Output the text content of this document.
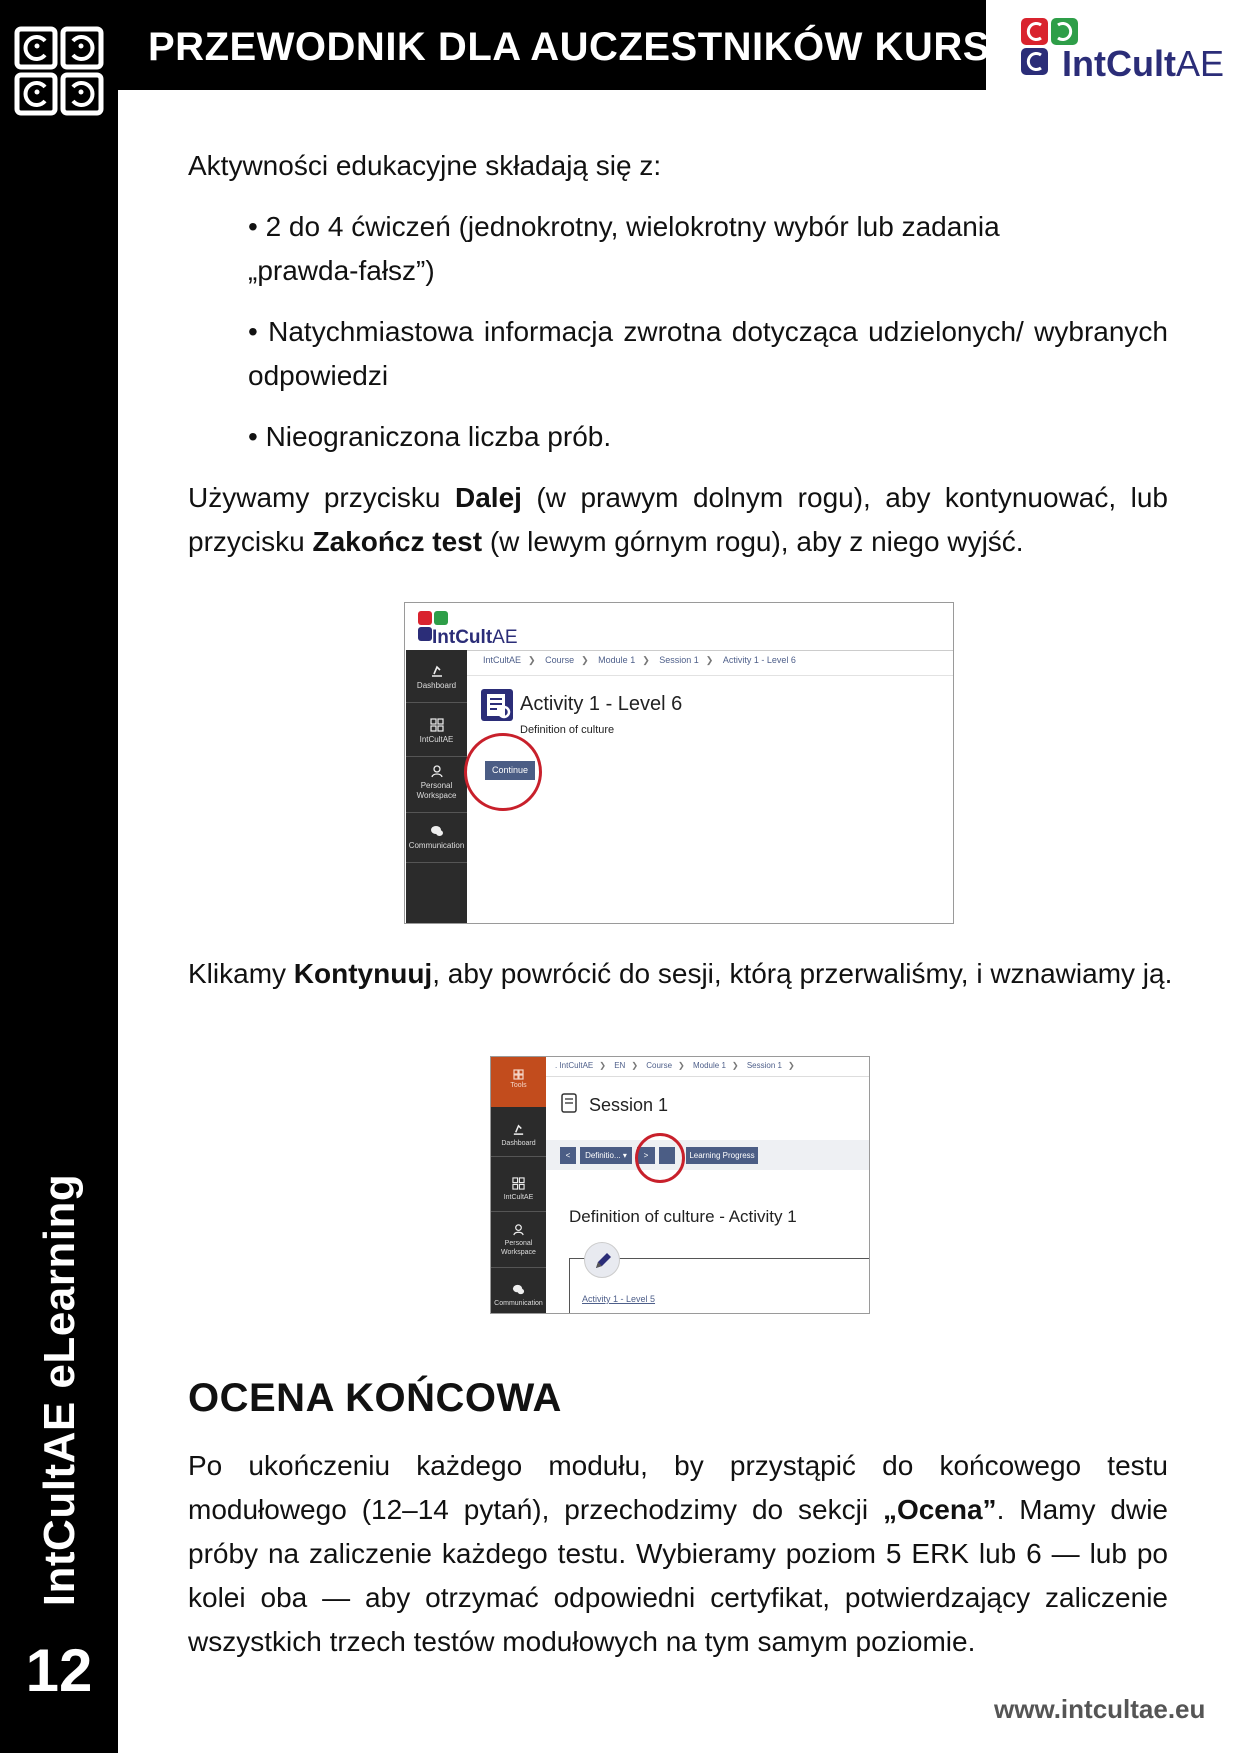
IntCultAE eLearning
12
PRZEWODNIK DLA AUCZESTNIKÓW KURSU IntCultAE
Aktywności edukacyjne składają się z:
• 2 do 4 ćwiczeń (jednokrotny, wielokrotny wybór lub zadania
„prawda-fałsz”)
• Natychmiastowa informacja zwrotna dotycząca udzielonych/ wybranych odpowiedzi
• Nieograniczona liczba prób.
Używamy przycisku Dalej (w prawym dolnym rogu), aby kontynuować, lub przycisku Zakończ test (w lewym górnym rogu), aby z niego wyjść.
IntCultAE
Dashboard
IntCultAE
Personal
Workspace
Communication
IntCultAE ❯ Course ❯ Module 1 ❯ Session 1 ❯ Activity 1 - Level 6
Activity 1 - Level 6
Definition of culture
Continue
Klikamy Kontynuuj, aby powrócić do sesji, którą przerwaliśmy, i wznawiamy ją.
Tools
Dashboard
IntCultAE
Personal
Workspace
Communication
. IntCultAE ❯ EN ❯ Course ❯ Module 1 ❯ Session 1 ❯
Session 1
<	Definitio... ▾	>	Learning Progress
Definition of culture - Activity 1
Activity 1 - Level 5
OCENA KOŃCOWA
Po ukończeniu każdego modułu, by przystąpić do końcowego testu modułowego (12–14 pytań), przechodzimy do sekcji „Ocena”. Mamy dwie próby na zaliczenie każdego testu. Wybieramy poziom 5 ERK lub 6 — lub po kolei oba — aby otrzymać odpowiedni certyfikat, potwierdzający zaliczenie wszystkich trzech testów modułowych na tym samym poziomie.
www.intcultae.eu
